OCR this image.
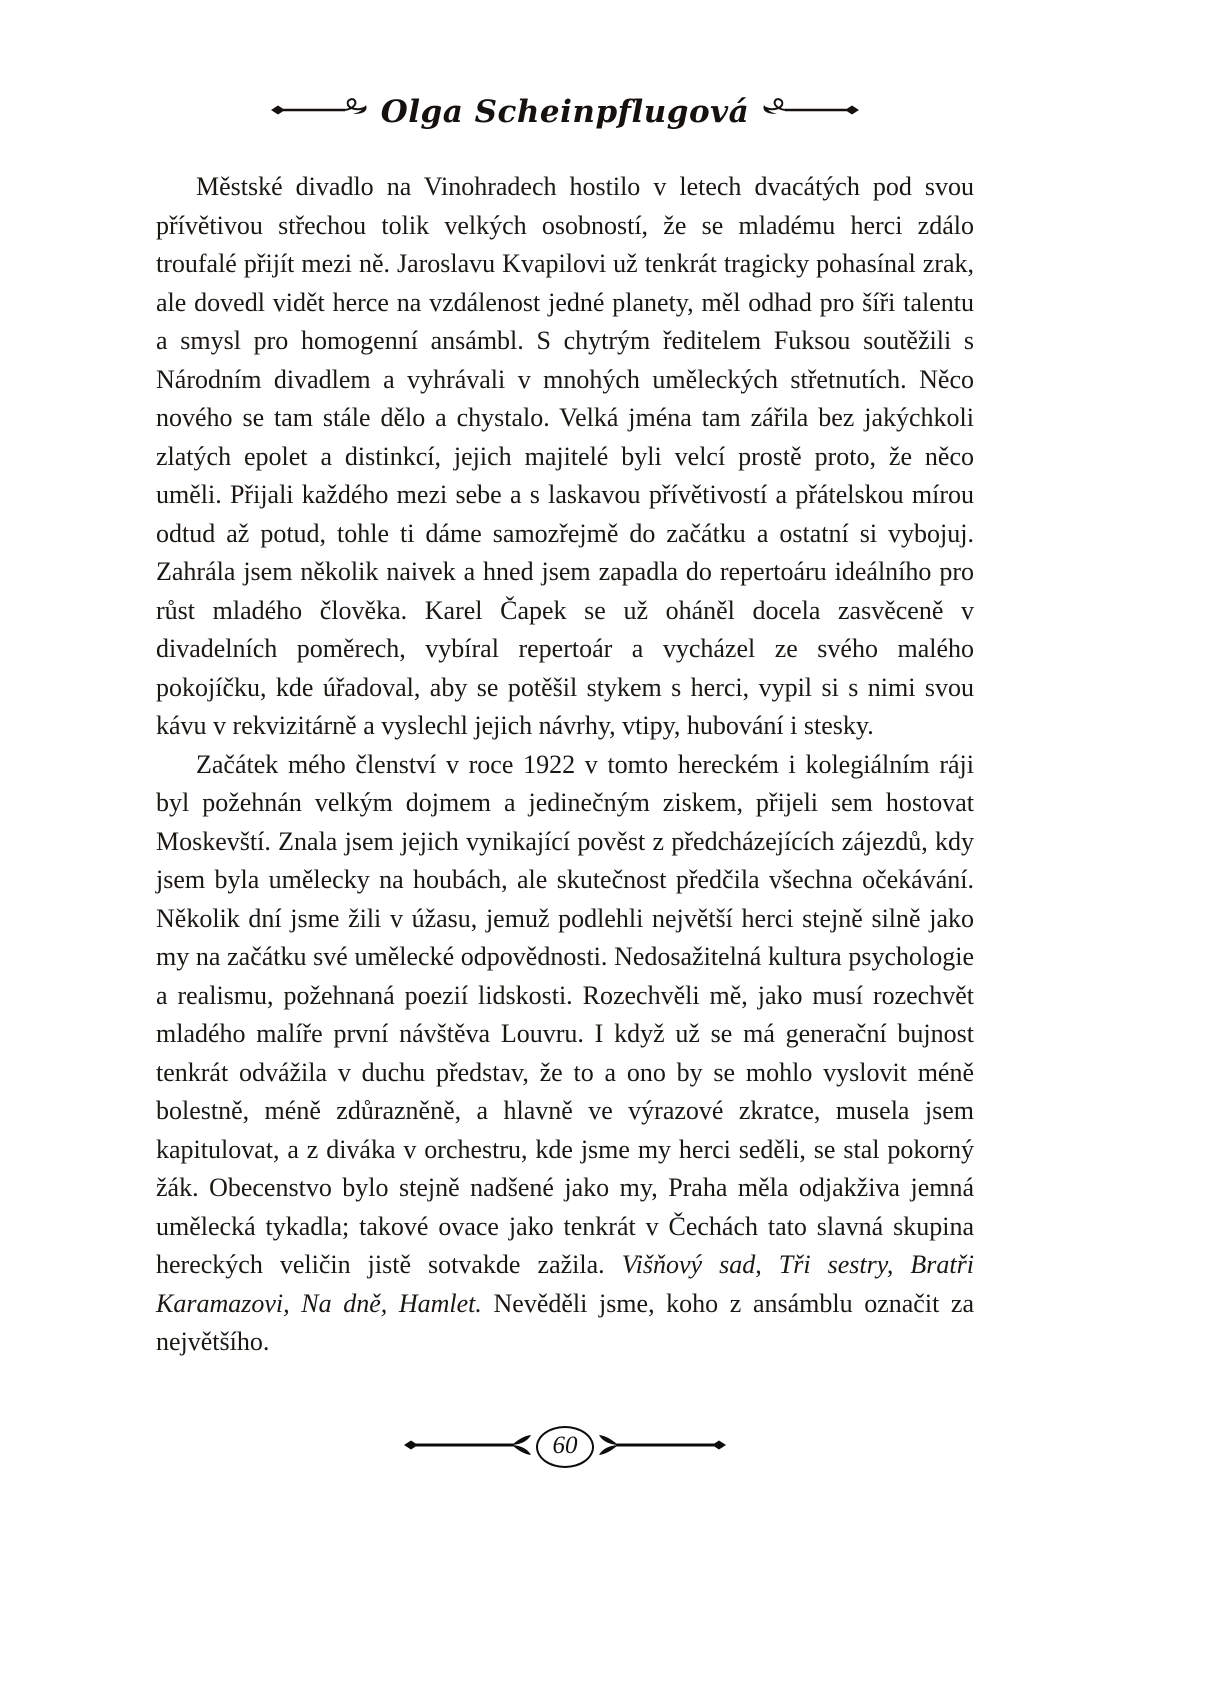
Olga Scheinpflugová

Městské divadlo na Vinohradech hostilo v letech dvacátých pod svou přívětivou střechou tolik velkých osobností, že se mladému herci zdálo troufalé přijít mezi ně. Jaroslavu Kvapilovi už tenkrát tragicky pohasínal zrak, ale dovedl vidět herce na vzdálenost jedné planety, měl odhad pro šíři talentu a smysl pro homogenní ansámbl. S chytrým ředitelem Fuksou soutěžili s Národním divadlem a vyhrávali v mnohých uměleckých střetnutích. Něco nového se tam stále dělo a chystalo. Velká jména tam zářila bez jakýchkoli zlatých epolet a distinkcí, jejich majitelé byli velcí prostě proto, že něco uměli. Přijali každého mezi sebe a s laskavou přívětivostí a přátelskou mírou odtud až potud, tohle ti dáme samozřejmě do začátku a ostatní si vybojuj. Zahrála jsem několik naivek a hned jsem zapadla do repertoáru ideálního pro růst mladého člověka. Karel Čapek se už oháněl docela zasvěceně v divadelních poměrech, vybíral repertoár a vycházel ze svého malého pokojíčku, kde úřadoval, aby se potěšil stykem s herci, vypil si s nimi svou kávu v rekvizitárně a vyslechl jejich návrhy, vtipy, hubování i stesky.

Začátek mého členství v roce 1922 v tomto hereckém i kolegiálním ráji byl požehnán velkým dojmem a jedinečným ziskem, přijeli sem hostovat Moskevští. Znala jsem jejich vynikající pověst z předcházejících zájezdů, kdy jsem byla umělecky na houbách, ale skutečnost předčila všechna očekávání. Několik dní jsme žili v úžasu, jemuž podlehli největší herci stejně silně jako my na začátku své umělecké odpovědnosti. Nedosažitelná kultura psychologie a realismu, požehnaná poezií lidskosti. Rozechvěli mě, jako musí rozechvět mladého malíře první návštěva Louvru. I když už se má generační bujnost tenkrát odvážila v duchu představ, že to a ono by se mohlo vyslovit méně bolestně, méně zdůrazněně, a hlavně ve výrazové zkratce, musela jsem kapitulovat, a z diváka v orchestru, kde jsme my herci seděli, se stal pokorný žák. Obecenstvo bylo stejně nadšené jako my, Praha měla odjakživa jemná umělecká tykadla; takové ovace jako tenkrát v Čechách tato slavná skupina hereckých veličin jistě sotvakde zažila. Višňový sad, Tři sestry, Bratři Karamazovi, Na dně, Hamlet. Nevěděli jsme, koho z ansámblu označit za největšího.

60
